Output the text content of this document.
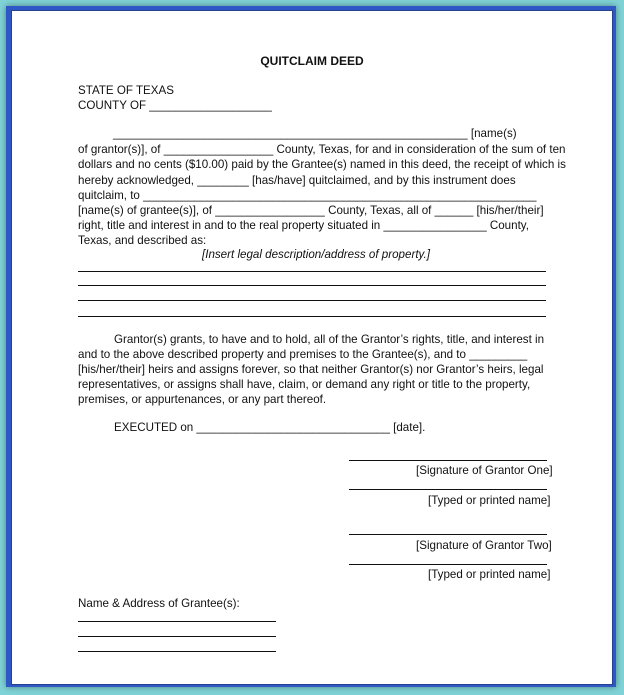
QUITCLAIM DEED
STATE OF TEXAS
COUNTY OF ___________________
_______________________________________________________ [name(s)
of grantor(s)], of _________________ County, Texas, for and in consideration of the sum of ten
dollars and no cents ($10.00) paid by the Grantee(s) named in this deed, the receipt of which is
hereby acknowledged, ________ [has/have] quitclaimed, and by this instrument does
quitclaim, to _____________________________________________________________
[name(s) of grantee(s)], of _________________ County, Texas, all of ______ [his/her/their]
right, title and interest in and to the real property situated in ________________ County,
Texas, and described as:
[Insert legal description/address of property.]
Grantor(s) grants, to have and to hold, all of the Grantor’s rights, title, and interest in
and to the above described property and premises to the Grantee(s), and to _________
[his/her/their] heirs and assigns forever, so that neither Grantor(s) nor Grantor’s heirs, legal
representatives, or assigns shall have, claim, or demand any right or title to the property,
premises, or appurtenances, or any part thereof.
EXECUTED on ______________________________ [date].
[Signature of Grantor One]
[Typed or printed name]
[Signature of Grantor Two]
[Typed or printed name]
Name & Address of Grantee(s):
